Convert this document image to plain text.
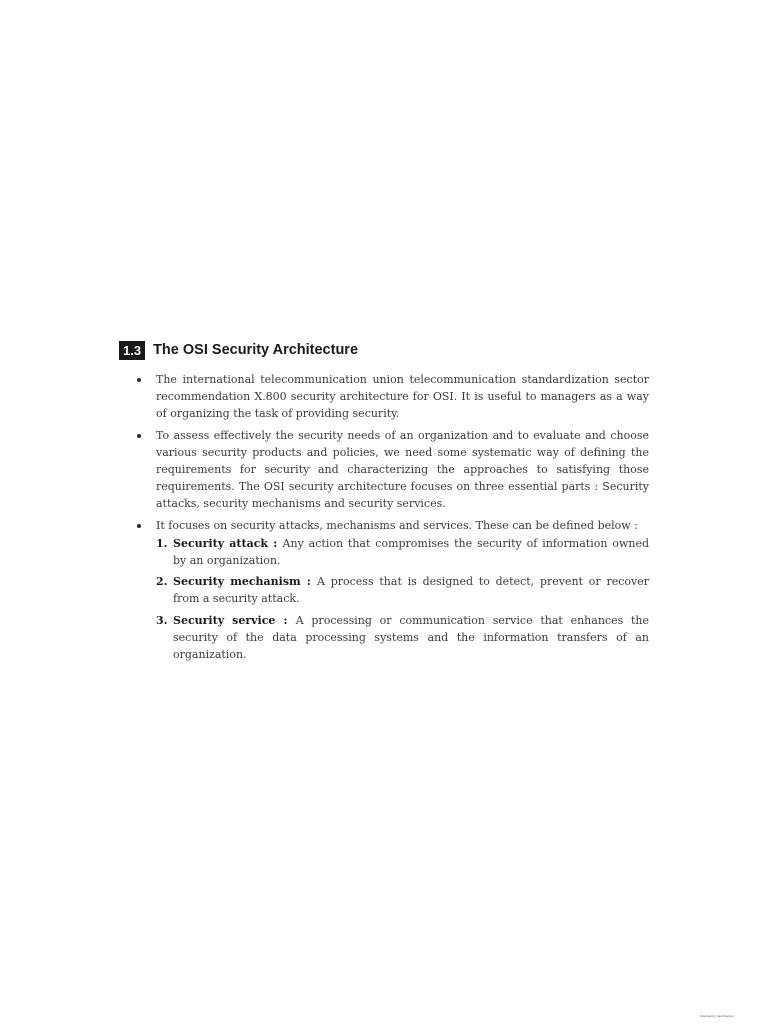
1.3 The OSI Security Architecture
The international telecommunication union telecommunication standardization sector recommendation X.800 security architecture for OSI. It is useful to managers as a way of organizing the task of providing security.
To assess effectively the security needs of an organization and to evaluate and choose various security products and policies, we need some systematic way of defining the requirements for security and characterizing the approaches to satisfying those requirements. The OSI security architecture focuses on three essential parts : Security attacks, security mechanisms and security services.
It focuses on security attacks, mechanisms and services. These can be defined below :
1. Security attack : Any action that compromises the security of information owned by an organization.
2. Security mechanism : A process that is designed to detect, prevent or recover from a security attack.
3. Security service : A processing or communication service that enhances the security of the data processing systems and the information transfers of an organization.
Scanned by CamScanner
